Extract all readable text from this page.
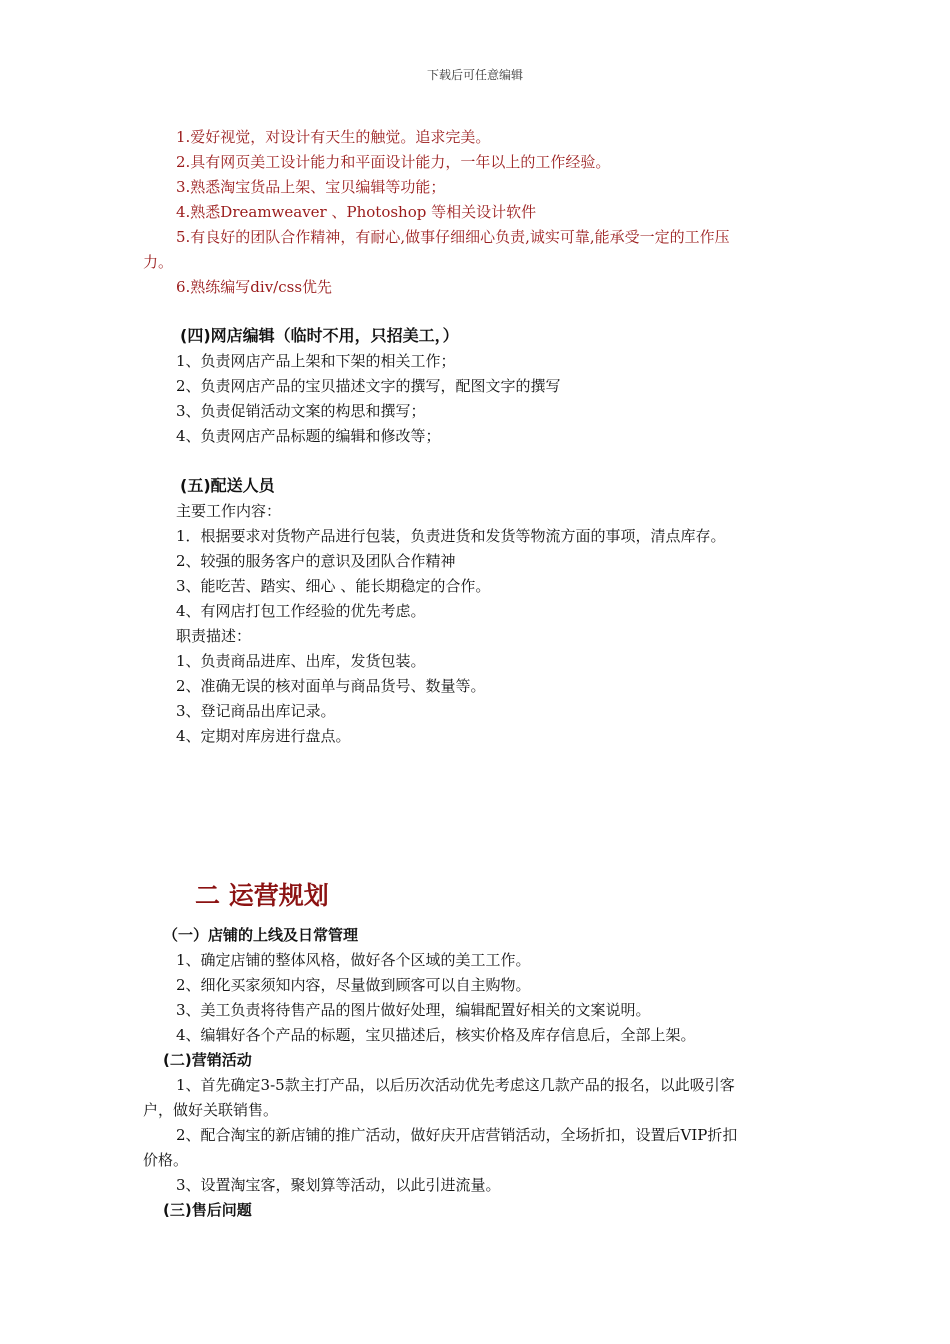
下载后可任意编辑
1.爱好视觉，对设计有天生的触觉。追求完美。
2.具有网页美工设计能力和平面设计能力，一年以上的工作经验。
3.熟悉淘宝货品上架、宝贝编辑等功能；
4.熟悉Dreamweaver 、Photoshop 等相关设计软件
5.有良好的团队合作精神，有耐心,做事仔细细心负责,诚实可靠,能承受一定的工作压
力。
6.熟练编写div/css优先
(四)网店编辑（临时不用，只招美工，）
1、负责网店产品上架和下架的相关工作；
2、负责网店产品的宝贝描述文字的撰写，配图文字的撰写
3、负责促销活动文案的构思和撰写；
4、负责网店产品标题的编辑和修改等；
(五)配送人员
主要工作内容：
1．根据要求对货物产品进行包装，负责进货和发货等物流方面的事项，清点库存。
2、较强的服务客户的意识及团队合作精神
3、能吃苦、踏实、细心 、能长期稳定的合作。
4、有网店打包工作经验的优先考虑。
职责描述：
1、负责商品进库、出库，发货包装。
2、准确无误的核对面单与商品货号、数量等。
3、登记商品出库记录。
4、定期对库房进行盘点。
二 运营规划
（一）店铺的上线及日常管理
1、确定店铺的整体风格，做好各个区域的美工工作。
2、细化买家须知内容，尽量做到顾客可以自主购物。
3、美工负责将待售产品的图片做好处理，编辑配置好相关的文案说明。
4、编辑好各个产品的标题，宝贝描述后，核实价格及库存信息后，全部上架。
(二)营销活动
1、首先确定3-5款主打产品，以后历次活动优先考虑这几款产品的报名，以此吸引客
户，做好关联销售。
2、配合淘宝的新店铺的推广活动，做好庆开店营销活动，全场折扣，设置后VIP折扣
价格。
3、设置淘宝客，聚划算等活动，以此引进流量。
(三)售后问题
